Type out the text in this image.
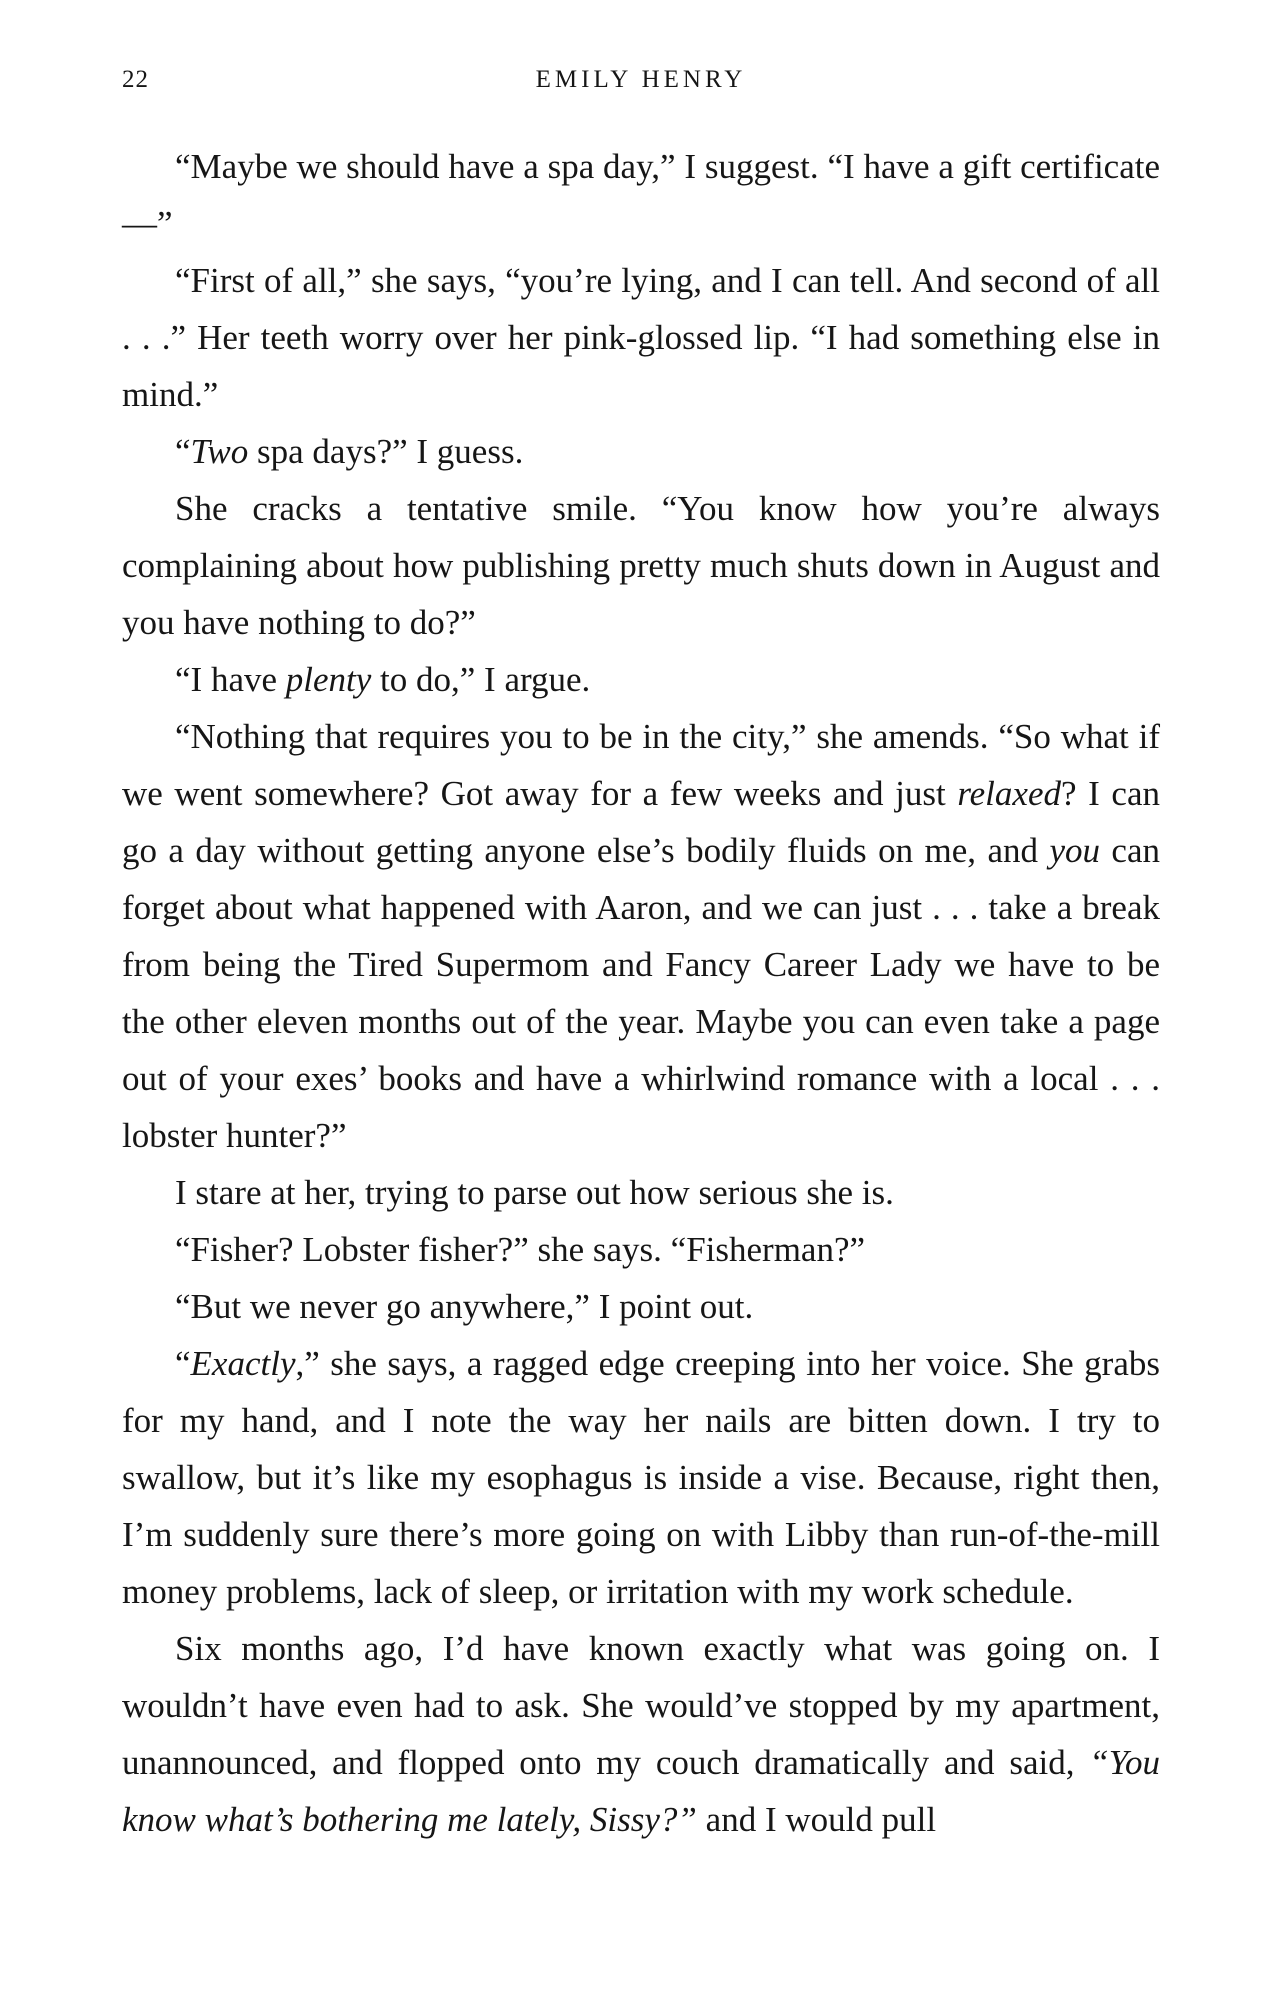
22	EMILY HENRY

“Maybe we should have a spa day,” I suggest. “I have a gift certificate—”

“First of all,” she says, “you’re lying, and I can tell. And second of all . . .” Her teeth worry over her pink-glossed lip. “I had something else in mind.”

“Two spa days?” I guess.

She cracks a tentative smile. “You know how you’re always complaining about how publishing pretty much shuts down in August and you have nothing to do?”

“I have plenty to do,” I argue.

“Nothing that requires you to be in the city,” she amends. “So what if we went somewhere? Got away for a few weeks and just relaxed? I can go a day without getting anyone else’s bodily fluids on me, and you can forget about what happened with Aaron, and we can just . . . take a break from being the Tired Supermom and Fancy Career Lady we have to be the other eleven months out of the year. Maybe you can even take a page out of your exes’ books and have a whirlwind romance with a local . . . lobster hunter?”

I stare at her, trying to parse out how serious she is.

“Fisher? Lobster fisher?” she says. “Fisherman?”

“But we never go anywhere,” I point out.

“Exactly,” she says, a ragged edge creeping into her voice. She grabs for my hand, and I note the way her nails are bitten down. I try to swallow, but it’s like my esophagus is inside a vise. Because, right then, I’m suddenly sure there’s more going on with Libby than run-of-the-mill money problems, lack of sleep, or irritation with my work schedule.

Six months ago, I’d have known exactly what was going on. I wouldn’t have even had to ask. She would’ve stopped by my apartment, unannounced, and flopped onto my couch dramatically and said, “You know what’s bothering me lately, Sissy?” and I would pull
